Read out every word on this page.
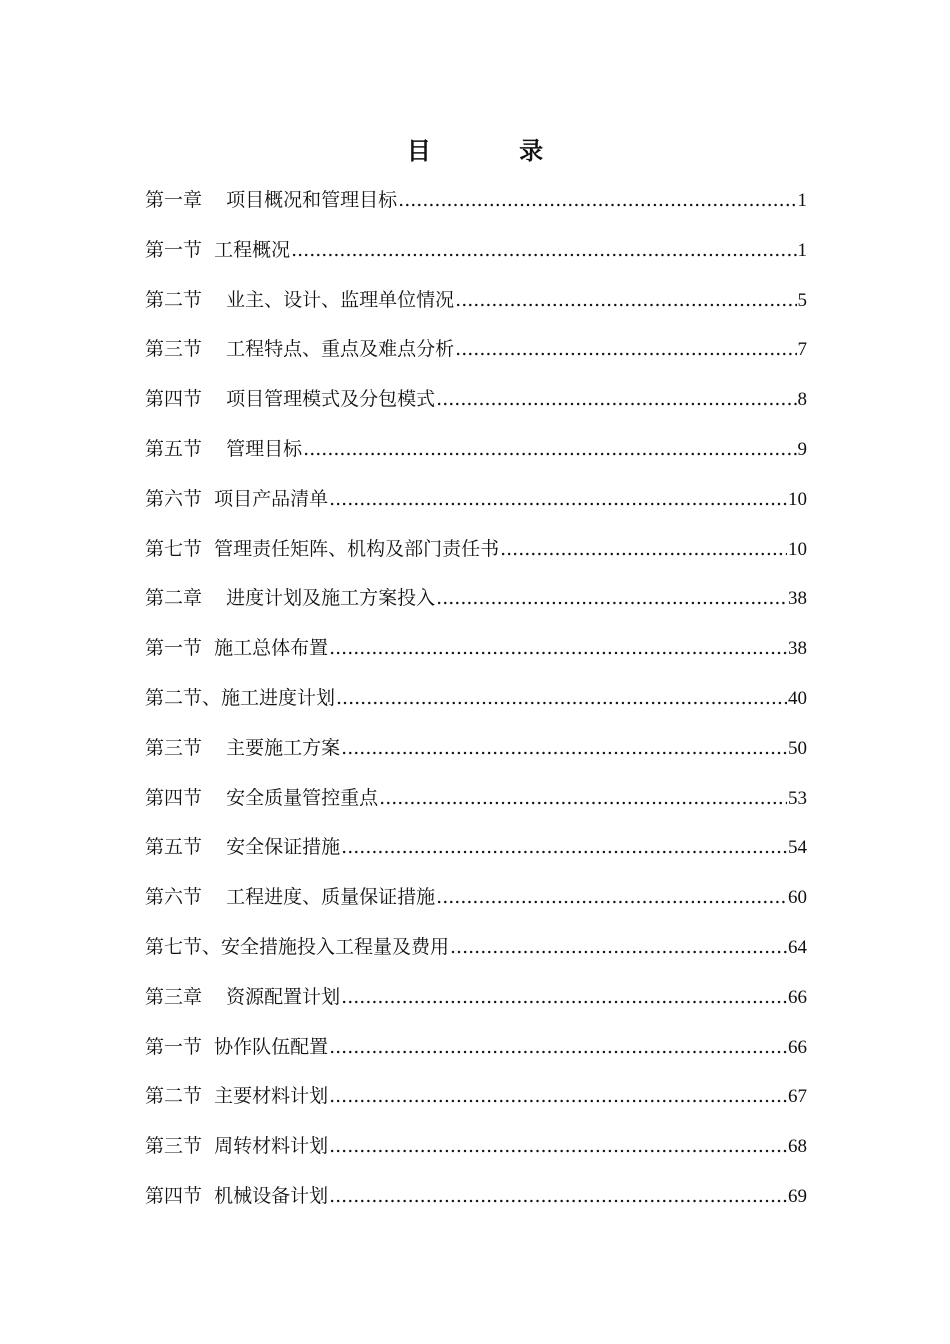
目 录
第一章    项目概况和管理目标 .....	1
第一节  工程概况 .....	1
第二节    业主、设计、监理单位情况 .....	5
第三节    工程特点、重点及难点分析 .....	7
第四节    项目管理模式及分包模式 .....	8
第五节    管理目标 .....	9
第六节  项目产品清单 .....	10
第七节  管理责任矩阵、机构及部门责任书 .....	10
第二章    进度计划及施工方案投入 .....	38
第一节  施工总体布置 .....	38
第二节、施工进度计划 .....	40
第三节    主要施工方案 .....	50
第四节    安全质量管控重点 .....	53
第五节    安全保证措施 .....	54
第六节    工程进度、质量保证措施 .....	60
第七节、安全措施投入工程量及费用 .....	64
第三章    资源配置计划 .....	66
第一节  协作队伍配置 .....	66
第二节  主要材料计划 .....	67
第三节  周转材料计划 .....	68
第四节  机械设备计划 .....	69
